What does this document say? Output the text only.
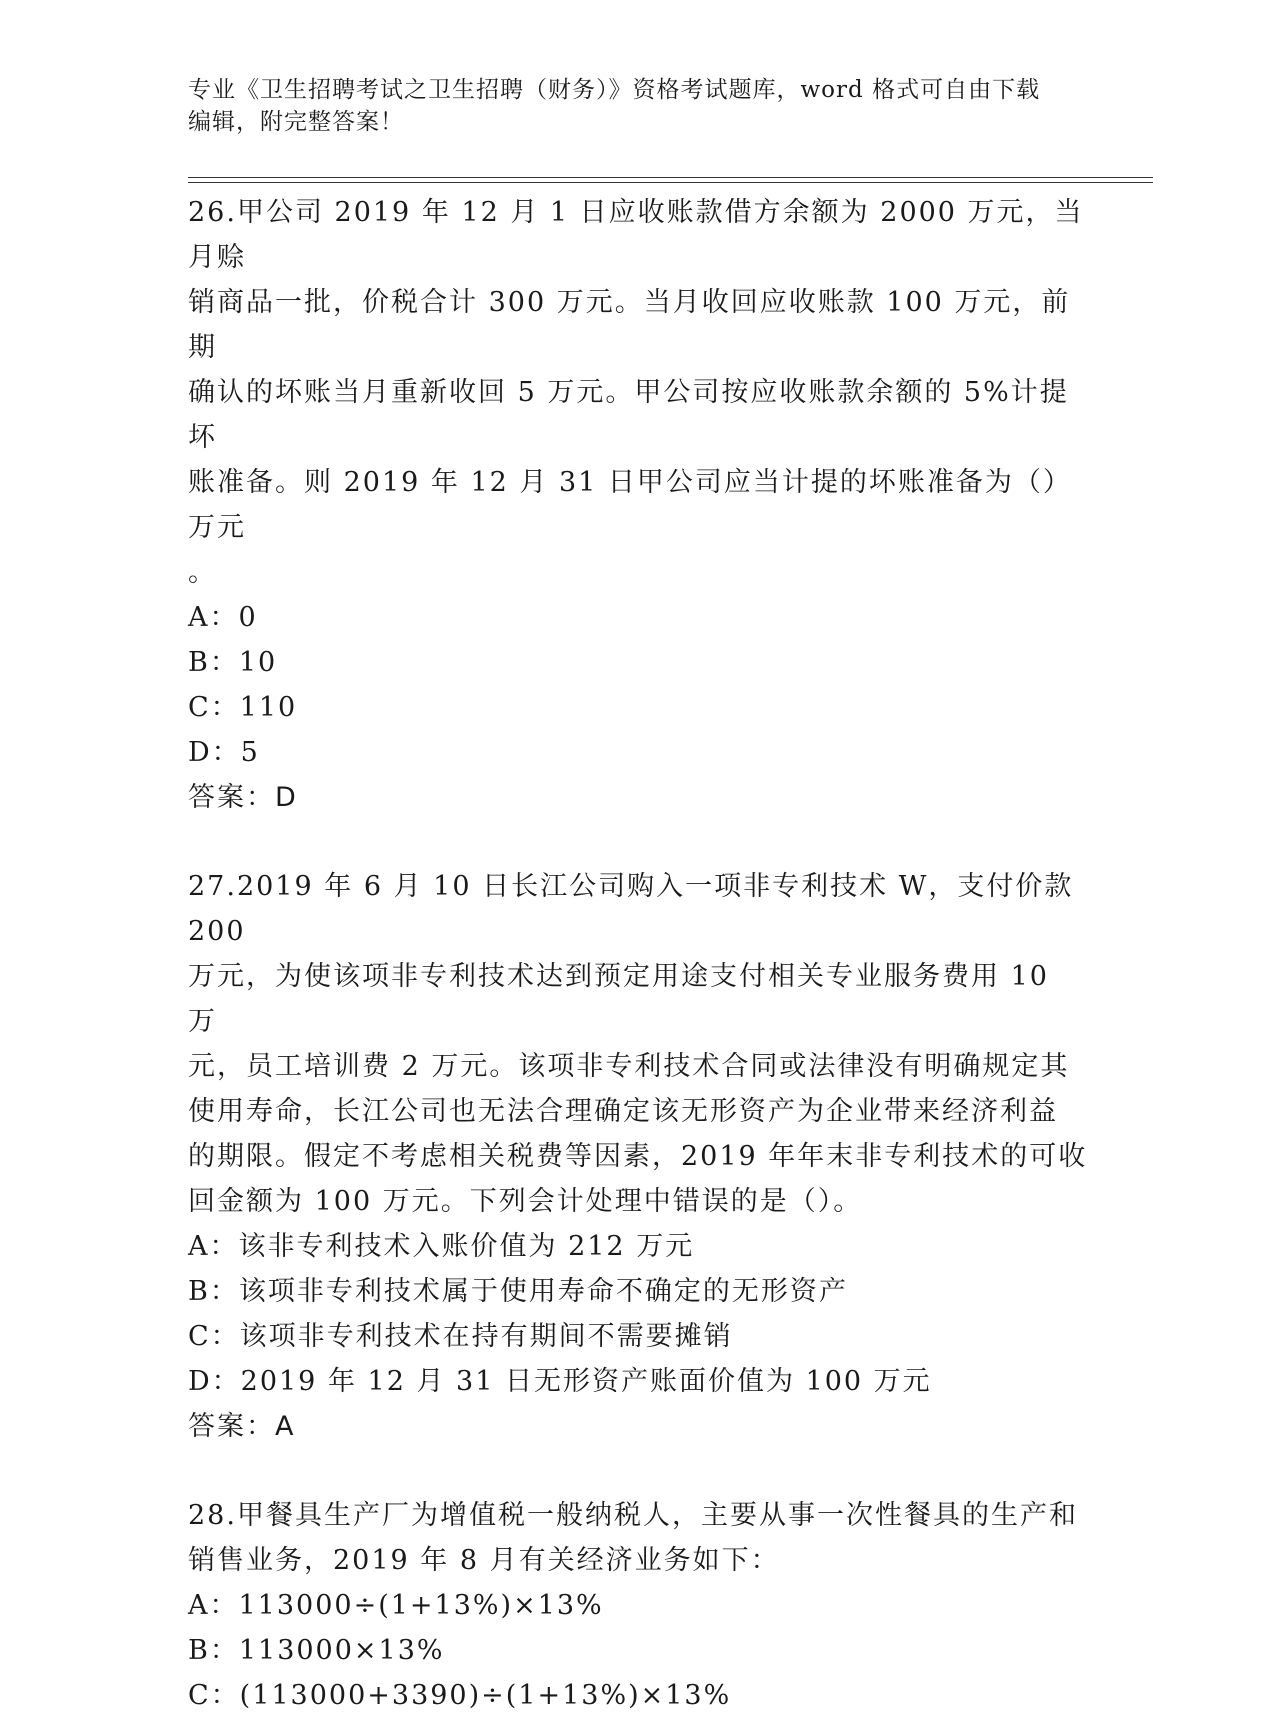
专业《卫生招聘考试之卫生招聘（财务）》资格考试题库，word 格式可自由下载
编辑，附完整答案！

26.甲公司 2019 年 12 月 1 日应收账款借方余额为 2000 万元，当月赊

销商品一批，价税合计 300 万元。当月收回应收账款 100 万元，前期

确认的坏账当月重新收回 5 万元。甲公司按应收账款余额的 5%计提坏

账准备。则 2019 年 12 月 31 日甲公司应当计提的坏账准备为（）万元

。

A：0

B：10

C：110

D：5

答案：D

27.2019 年 6 月 10 日长江公司购入一项非专利技术 W，支付价款 200

万元，为使该项非专利技术达到预定用途支付相关专业服务费用 10 万

元，员工培训费 2 万元。该项非专利技术合同或法律没有明确规定其

使用寿命，长江公司也无法合理确定该无形资产为企业带来经济利益

的期限。假定不考虑相关税费等因素，2019 年年末非专利技术的可收

回金额为 100 万元。下列会计处理中错误的是（）。

A：该非专利技术入账价值为 212 万元

B：该项非专利技术属于使用寿命不确定的无形资产

C：该项非专利技术在持有期间不需要摊销

D：2019 年 12 月 31 日无形资产账面价值为 100 万元

答案：A

28.甲餐具生产厂为增值税一般纳税人，主要从事一次性餐具的生产和

销售业务，2019 年 8 月有关经济业务如下：

A：113000÷(1+13%)×13%

B：113000×13%

C：(113000+3390)÷(1+13%)×13%
